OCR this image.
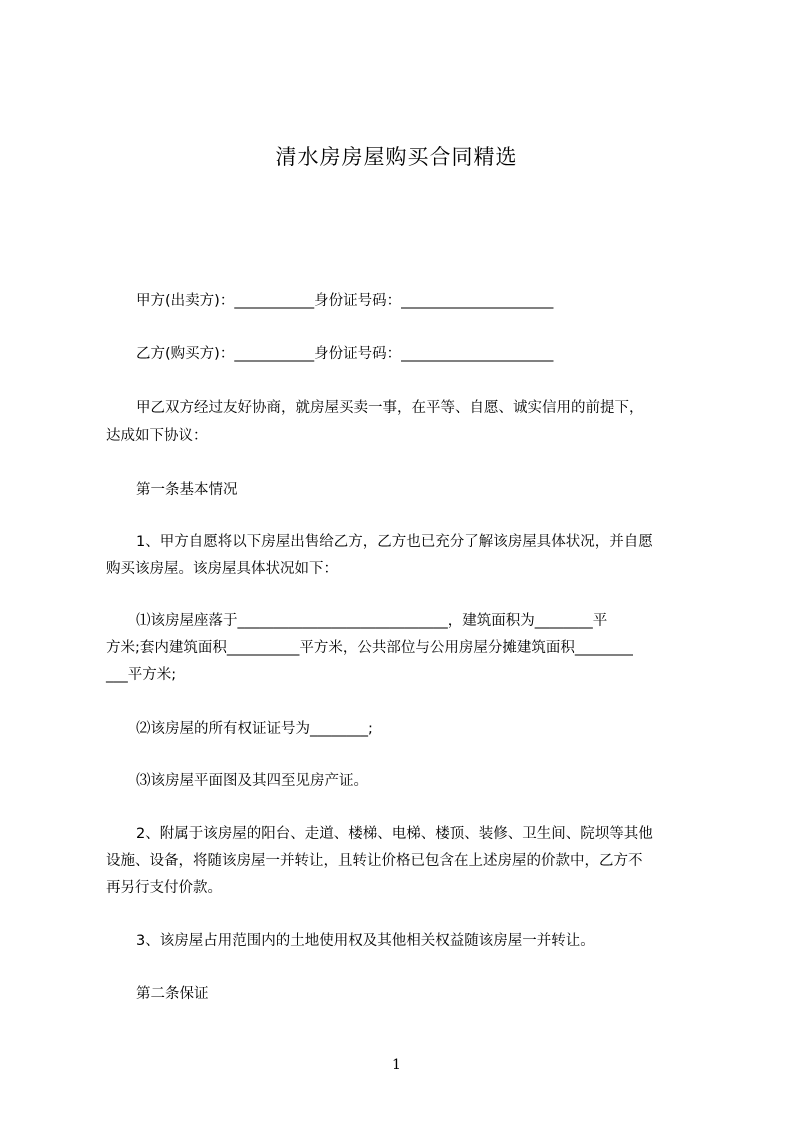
清水房房屋购买合同精选
甲方(出卖方)：___________身份证号码：_____________________
乙方(购买方)：___________身份证号码：_____________________
甲乙双方经过友好协商，就房屋买卖一事，在平等、自愿、诚实信用的前提下，
达成如下协议：
第一条基本情况
1、甲方自愿将以下房屋出售给乙方，乙方也已充分了解该房屋具体状况，并自愿
购买该房屋。该房屋具体状况如下：
⑴该房屋座落于_____________________________，建筑面积为________平
方米;套内建筑面积__________平方米，公共部位与公用房屋分摊建筑面积________
___平方米;
⑵该房屋的所有权证证号为________;
⑶该房屋平面图及其四至见房产证。
2、附属于该房屋的阳台、走道、楼梯、电梯、楼顶、装修、卫生间、院坝等其他
设施、设备，将随该房屋一并转让，且转让价格已包含在上述房屋的价款中，乙方不
再另行支付价款。
3、该房屋占用范围内的土地使用权及其他相关权益随该房屋一并转让。
第二条保证
1
